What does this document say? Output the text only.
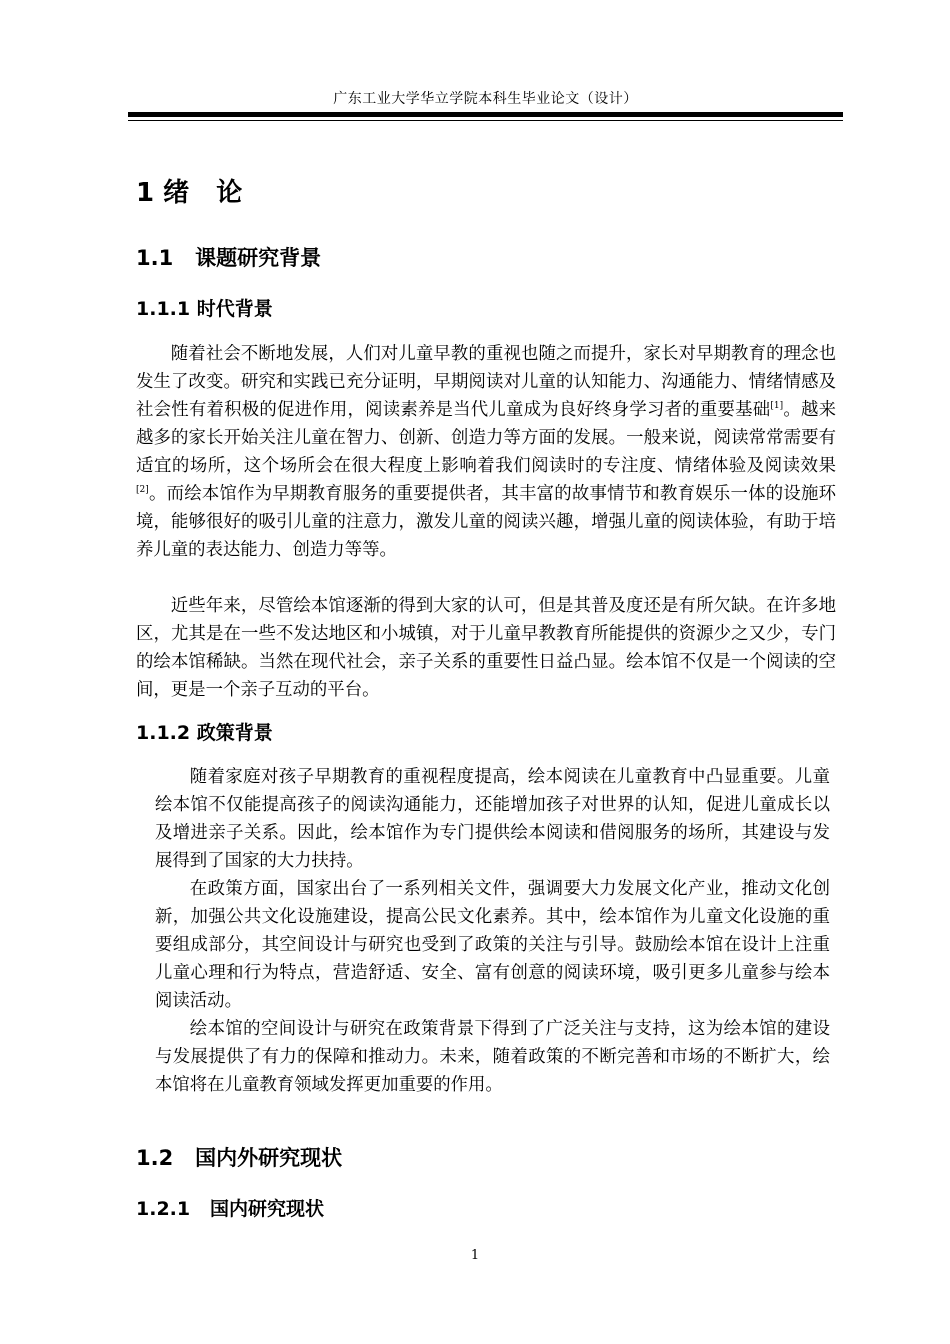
广东工业大学华立学院本科生毕业论文（设计）
1 绪   论
1.1   课题研究背景
1.1.1 时代背景

随着社会不断地发展，人们对儿童早教的重视也随之而提升，家长对早期教育的理念也发生了改变。研究和实践已充分证明，早期阅读对儿童的认知能力、沟通能力、情绪情感及社会性有着积极的促进作用，阅读素养是当代儿童成为良好终身学习者的重要基础[1]。越来越多的家长开始关注儿童在智力、创新、创造力等方面的发展。一般来说，阅读常常需要有适宜的场所，这个场所会在很大程度上影响着我们阅读时的专注度、情绪体验及阅读效果[2]。而绘本馆作为早期教育服务的重要提供者，其丰富的故事情节和教育娱乐一体的设施环境，能够很好的吸引儿童的注意力，激发儿童的阅读兴趣，增强儿童的阅读体验，有助于培养儿童的表达能力、创造力等等。

近些年来，尽管绘本馆逐渐的得到大家的认可，但是其普及度还是有所欠缺。在许多地区，尤其是在一些不发达地区和小城镇，对于儿童早教教育所能提供的资源少之又少，专门的绘本馆稀缺。当然在现代社会，亲子关系的重要性日益凸显。绘本馆不仅是一个阅读的空间，更是一个亲子互动的平台。

1.1.2 政策背景

随着家庭对孩子早期教育的重视程度提高，绘本阅读在儿童教育中凸显重要。儿童绘本馆不仅能提高孩子的阅读沟通能力，还能增加孩子对世界的认知，促进儿童成长以及增进亲子关系。因此，绘本馆作为专门提供绘本阅读和借阅服务的场所，其建设与发展得到了国家的大力扶持。

在政策方面，国家出台了一系列相关文件，强调要大力发展文化产业，推动文化创新，加强公共文化设施建设，提高公民文化素养。其中，绘本馆作为儿童文化设施的重要组成部分，其空间设计与研究也受到了政策的关注与引导。鼓励绘本馆在设计上注重儿童心理和行为特点，营造舒适、安全、富有创意的阅读环境，吸引更多儿童参与绘本阅读活动。

绘本馆的空间设计与研究在政策背景下得到了广泛关注与支持，这为绘本馆的建设与发展提供了有力的保障和推动力。未来，随着政策的不断完善和市场的不断扩大，绘本馆将在儿童教育领域发挥更加重要的作用。

1.2   国内外研究现状
1.2.1   国内研究现状
1
